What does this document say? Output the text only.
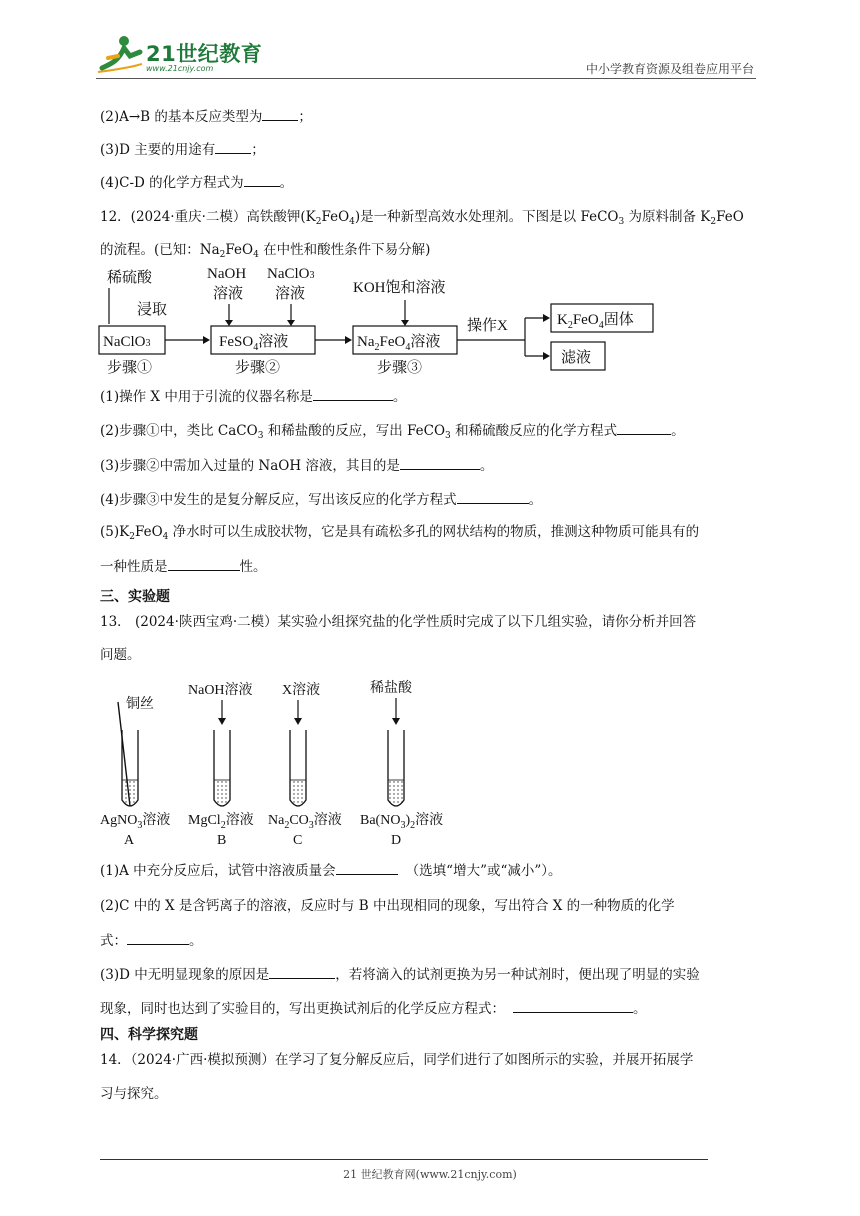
21世纪教育
www.21cnjy.com	中小学教育资源及组卷应用平台
(2)A→B 的基本反应类型为	；
(3)D 主要的用途有	；
(4)C-D 的化学方程式为	。
12．(2024·重庆·二模）高铁酸钾$(K_2FeO_4)$是一种新型高效水处理剂。下图是以 FeCO$_3$ 为原料制备 $K_2FeO$
的流程。(已知：$Na_2FeO_4$ 在中性和酸性条件下易分解)
稀硫酸
浸取
NaOH
溶液
NaClO3
溶液	KOH饱和溶液
NaClO3
步骤①
FeSO$_4$溶液
步骤②
$Na_2FeO_4$溶液
步骤③
操作X	$K_2FeO_4$固体
滤液
(1)操作 X 中用于引流的仪器名称是	。
(2)步骤①中，类比 CaCO$_3$ 和稀盐酸的反应，写出 FeCO$_3$ 和稀硫酸反应的化学方程式	。
(3)步骤②中需加入过量的 NaOH 溶液，其目的是	。
(4)步骤③中发生的是复分解反应，写出该反应的化学方程式	。
$(5)K_2FeO_4$ 净水时可以生成胶状物，它是具有疏松多孔的网状结构的物质，推测这种物质可能具有的
一种性质是	性。
三、实验题
13． (2024·陕西宝鸡·二模）某实验小组探究盐的化学性质时完成了以下几组实验，请你分析并回答
问题。
铜丝
NaOH溶液 X溶液	稀盐酸
AgNO$_3$溶液 MgCl$_2$溶液 $Na_2CO_3$溶液 $Ba(NO_3)_2$溶液
A	B	C	D
(1)A 中充分反应后，试管中溶液质量会	（选填“增大”或“减小”）。
(2)C 中的 X 是含钙离子的溶液，反应时与 B 中出现相同的现象，写出符合 X 的一种物质的化学
式：	。
(3)D 中无明显现象的原因是	，若将滴入的试剂更换为另一种试剂时，便出现了明显的实验
现象，同时也达到了实验目的，写出更换试剂后的化学反应方程式：	。
四、科学探究题
14．（2024·广西·模拟预测）在学习了复分解反应后，同学们进行了如图所示的实验，并展开拓展学
习与探究。
21 世纪教育网(www.21cnjy.com)
